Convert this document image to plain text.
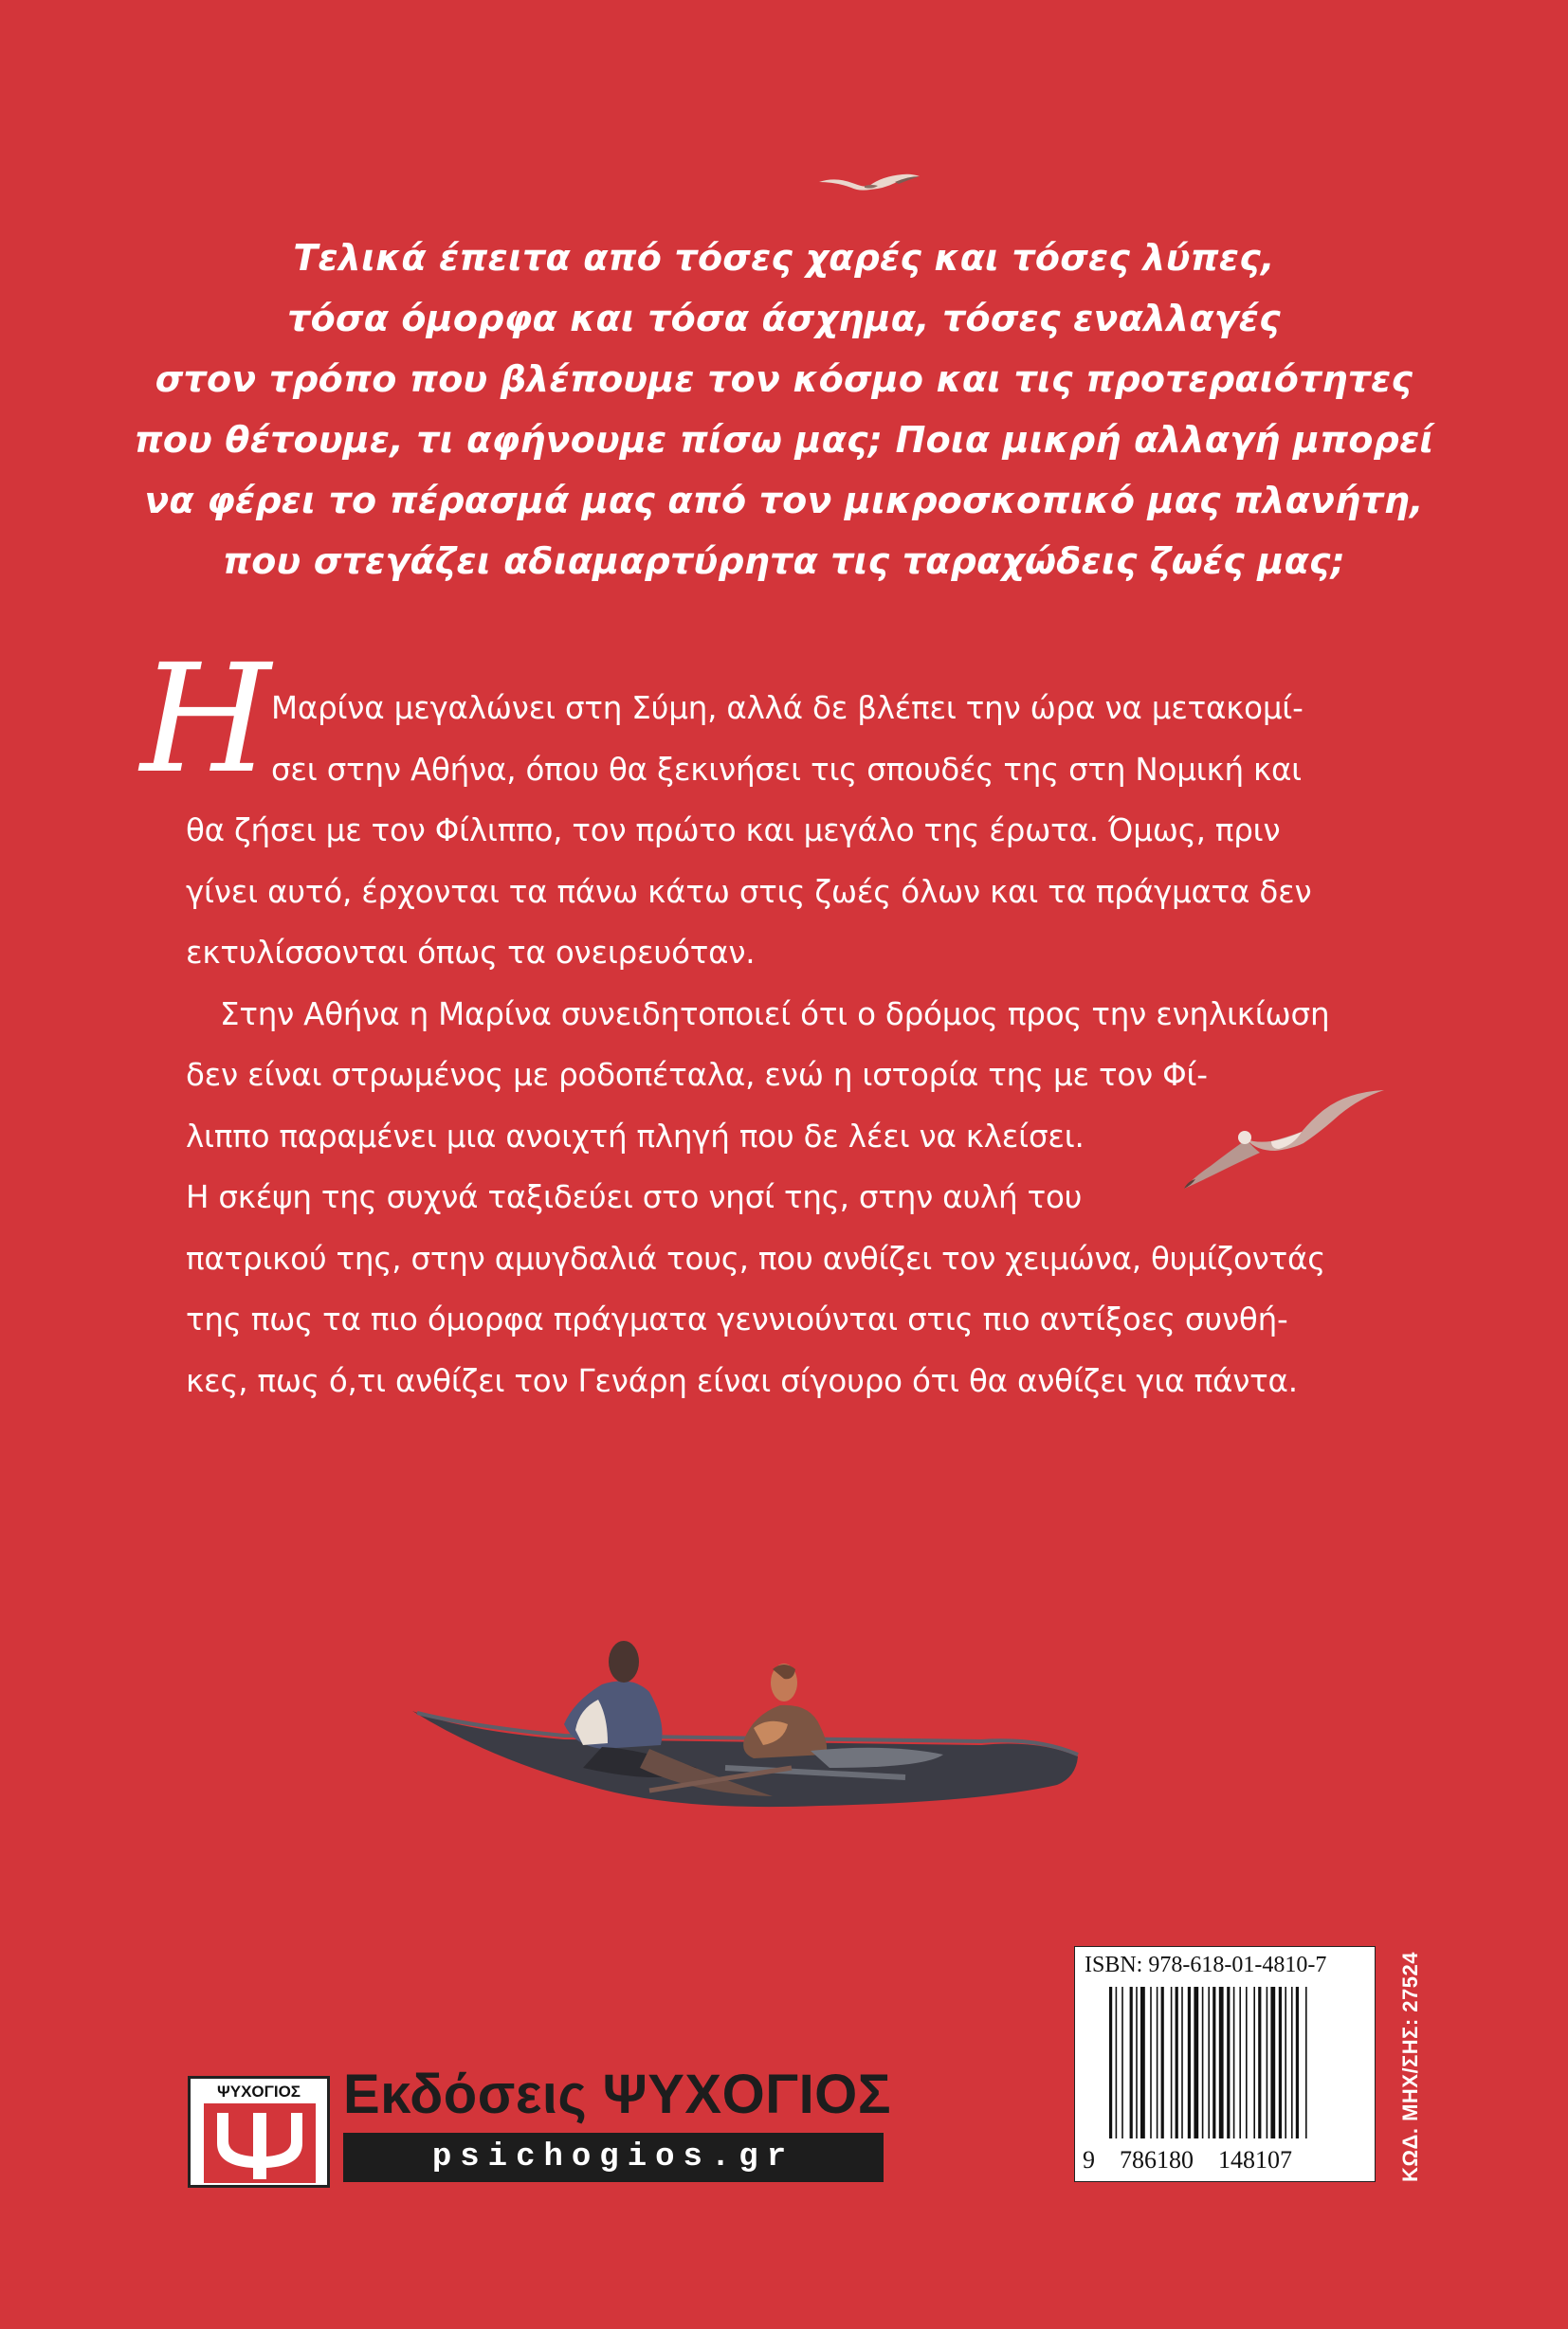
Τελικά έπειτα από τόσες χαρές και τόσες λύπες,
τόσα όμορφα και τόσα άσχημα, τόσες εναλλαγές
στον τρόπο που βλέπουμε τον κόσμο και τις προτεραιότητες
που θέτουμε, τι αφήνουμε πίσω μας; Ποια μικρή αλλαγή μπορεί
να φέρει το πέρασμά μας από τον μικροσκοπικό μας πλανήτη,
που στεγάζει αδιαμαρτύρητα τις ταραχώδεις ζωές μας;
Η Μαρίνα μεγαλώνει στη Σύμη, αλλά δε βλέπει την ώρα να μετακομί-
σει στην Αθήνα, όπου θα ξεκινήσει τις σπουδές της στη Νομική και
θα ζήσει με τον Φίλιππο, τον πρώτο και μεγάλο της έρωτα. Όμως, πριν
γίνει αυτό, έρχονται τα πάνω κάτω στις ζωές όλων και τα πράγματα δεν
εκτυλίσσονται όπως τα ονειρευόταν.
Στην Αθήνα η Μαρίνα συνειδητοποιεί ότι ο δρόμος προς την ενηλικίωση
δεν είναι στρωμένος με ροδοπέταλα, ενώ η ιστορία της με τον Φί-
λιππο παραμένει μια ανοιχτή πληγή που δε λέει να κλείσει.
Η σκέψη της συχνά ταξιδεύει στο νησί της, στην αυλή του
πατρικού της, στην αμυγδαλιά τους, που ανθίζει τον χειμώνα, θυμίζοντάς
της πως τα πιο όμορφα πράγματα γεννιούνται στις πιο αντίξοες συνθή-
κες, πως ό,τι ανθίζει τον Γενάρη είναι σίγουρο ότι θα ανθίζει για πάντα.
ISBN: 978-618-01-4810-7
9 786180 148107	ΚΩΔ. ΜΗΧ/ΣΗΣ: 27524
ΨΥΧΟΓΙΟΣ Εκδόσεις ΨΥΧΟΓΙΟΣ
psichogios.gr
